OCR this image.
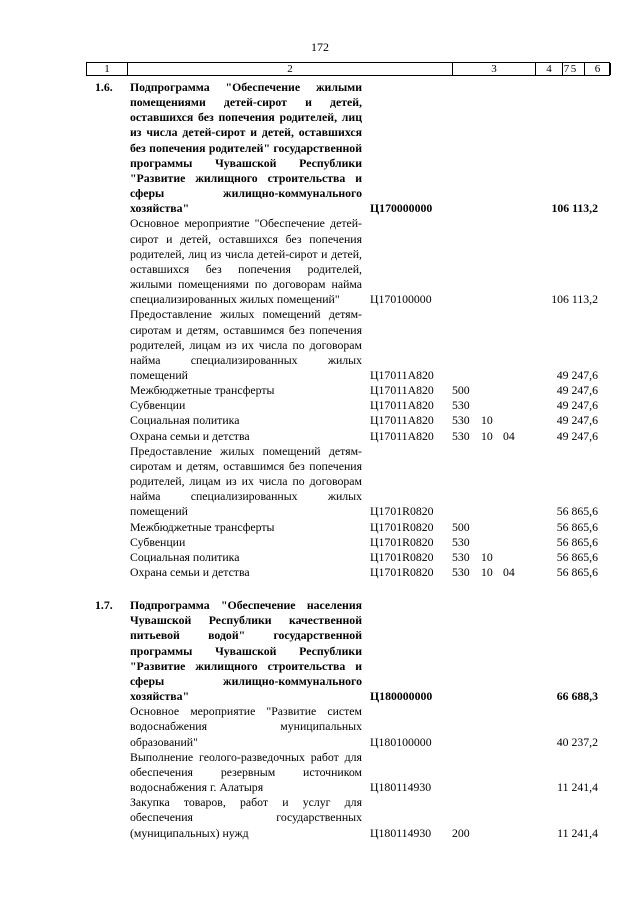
172
1	2	3	4	5	6
7
1.6. Подпрограмма "Обеспечение жилыми помещениями детей-сирот и детей, оставшихся без попечения родителей, лиц из числа детей-сирот и детей, оставшихся без попечения родителей" государственной программы Чувашской Республики "Развитие жилищного строительства и сферы жилищно-коммунального хозяйства"	Ц170000000	106 113,2
Основное мероприятие "Обеспечение детей-сирот и детей, оставшихся без попечения родителей, лиц из числа детей-сирот и детей, оставшихся без попечения родителей, жилыми помещениями по договорам найма специализированных жилых помещений"	Ц170100000	106 113,2
Предоставление жилых помещений детям-сиротам и детям, оставшимся без попечения родителей, лицам из их числа по договорам найма специализированных жилых помещений	Ц17011А820	49 247,6
Межбюджетные трансферты	Ц17011А820 500	49 247,6
Субвенции	Ц17011А820 530	49 247,6
Социальная политика	Ц17011А820 530 10	49 247,6
Охрана семьи и детства	Ц17011А820 530 10 04	49 247,6
Предоставление жилых помещений детям-сиротам и детям, оставшимся без попечения родителей, лицам из их числа по договорам найма специализированных жилых помещений	Ц1701R0820	56 865,6
Межбюджетные трансферты	Ц1701R0820 500	56 865,6
Субвенции	Ц1701R0820 530	56 865,6
Социальная политика	Ц1701R0820 530 10	56 865,6
Охрана семьи и детства	Ц1701R0820 530 10 04	56 865,6
1.7. Подпрограмма "Обеспечение населения Чувашской Республики качественной питьевой водой" государственной программы Чувашской Республики "Развитие жилищного строительства и сферы жилищно-коммунального хозяйства"	Ц180000000	66 688,3
Основное мероприятие "Развитие систем водоснабжения муниципальных образований"	Ц180100000	40 237,2
Выполнение геолого-разведочных работ для обеспечения резервным источником водоснабжения г. Алатыря	Ц180114930	11 241,4
Закупка товаров, работ и услуг для обеспечения государственных (муниципальных) нужд	Ц180114930 200	11 241,4
